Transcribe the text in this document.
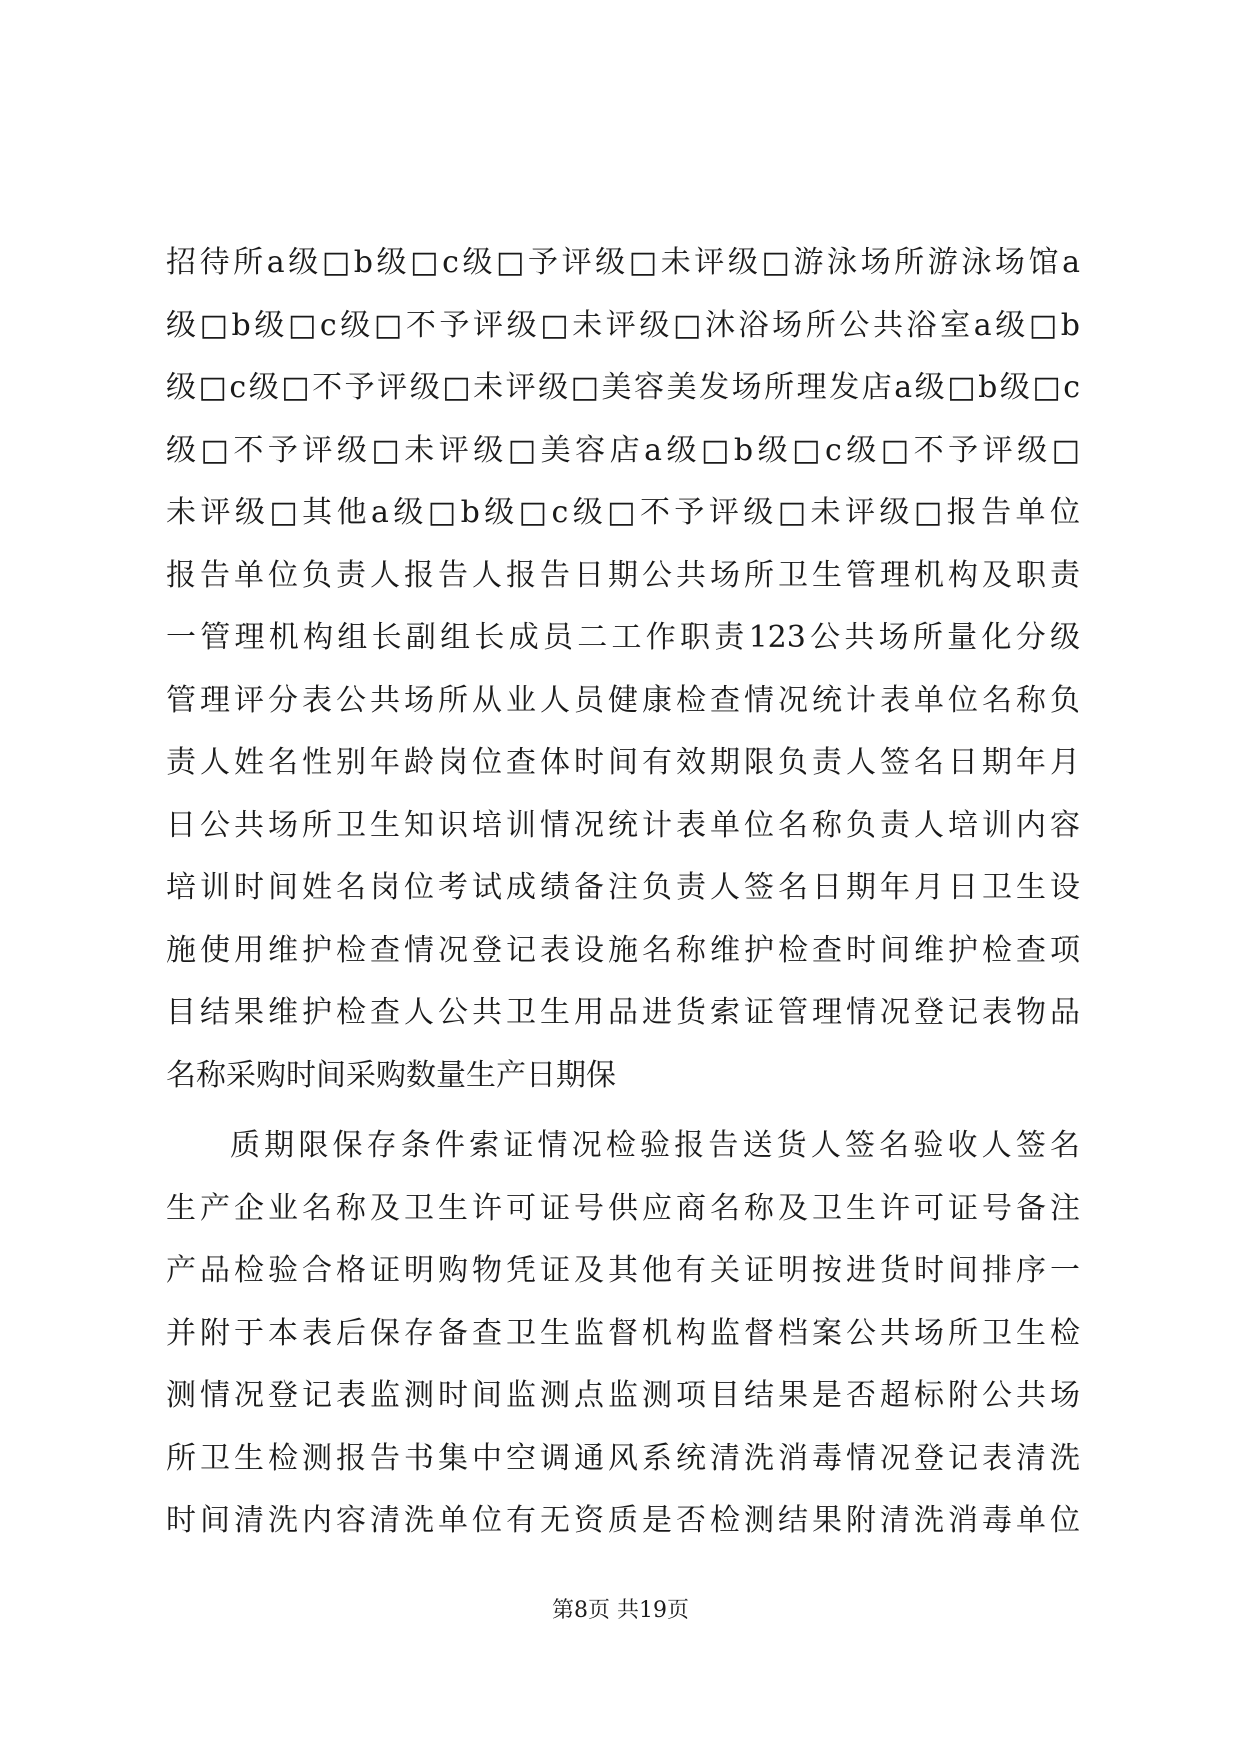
招待所a级□b级□c级□予评级□未评级□游泳场所游泳场馆a
级□b级□c级□不予评级□未评级□沐浴场所公共浴室a级□b
级□c级□不予评级□未评级□美容美发场所理发店a级□b级□c
级□不予评级□未评级□美容店a级□b级□c级□不予评级□
未评级□其他a级□b级□c级□不予评级□未评级□报告单位
报告单位负责人报告人报告日期公共场所卫生管理机构及职责
一管理机构组长副组长成员二工作职责123公共场所量化分级
管理评分表公共场所从业人员健康检查情况统计表单位名称负
责人姓名性别年龄岗位查体时间有效期限负责人签名日期年月
日公共场所卫生知识培训情况统计表单位名称负责人培训内容
培训时间姓名岗位考试成绩备注负责人签名日期年月日卫生设
施使用维护检查情况登记表设施名称维护检查时间维护检查项
目结果维护检查人公共卫生用品进货索证管理情况登记表物品
名称采购时间采购数量生产日期保
质期限保存条件索证情况检验报告送货人签名验收人签名
生产企业名称及卫生许可证号供应商名称及卫生许可证号备注
产品检验合格证明购物凭证及其他有关证明按进货时间排序一
并附于本表后保存备查卫生监督机构监督档案公共场所卫生检
测情况登记表监测时间监测点监测项目结果是否超标附公共场
所卫生检测报告书集中空调通风系统清洗消毒情况登记表清洗
时间清洗内容清洗单位有无资质是否检测结果附清洗消毒单位
第8页 共19页
